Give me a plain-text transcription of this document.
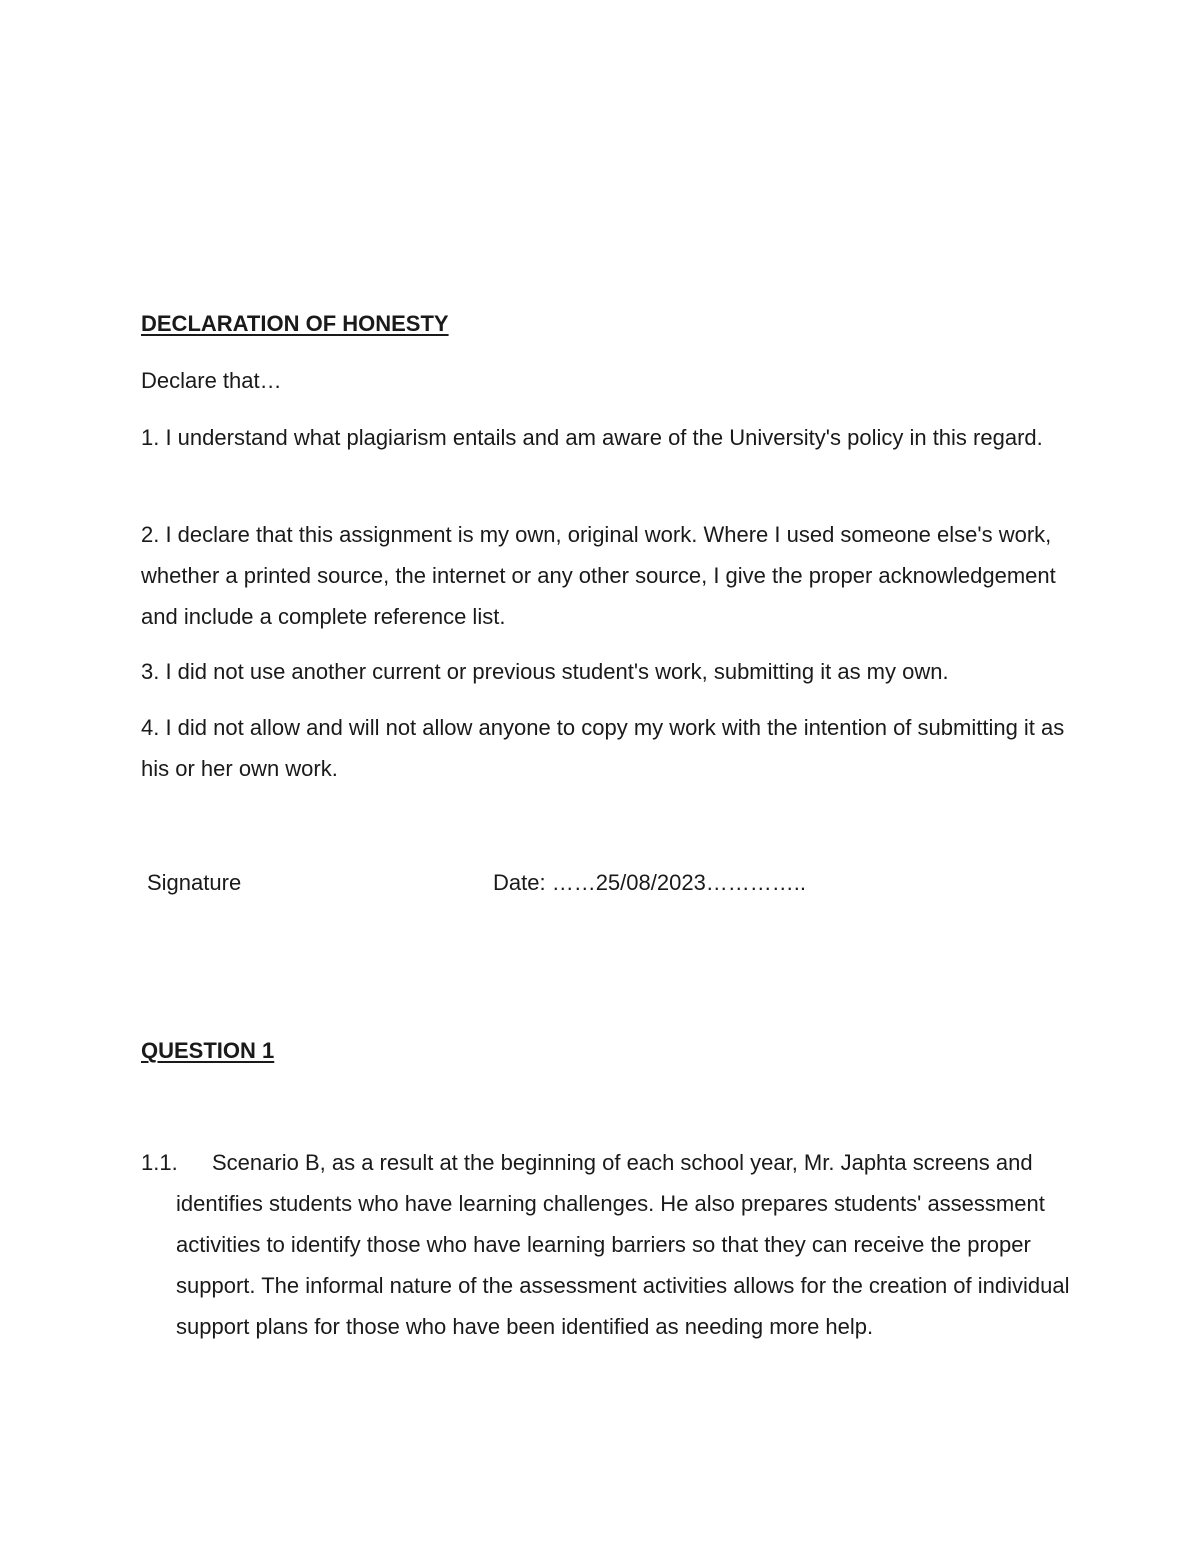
DECLARATION OF HONESTY

Declare that…

1. I understand what plagiarism entails and am aware of the University's policy in this regard.

2. I declare that this assignment is my own, original work. Where I used someone else's work, whether a printed source, the internet or any other source, I give the proper acknowledgement and include a complete reference list.

3. I did not use another current or previous student's work, submitting it as my own.

4. I did not allow and will not allow anyone to copy my work with the intention of submitting it as his or her own work.

Signature	Date: ……25/08/2023…………..

QUESTION 1

1.1.	Scenario B, as a result at the beginning of each school year, Mr. Japhta screens and identifies students who have learning challenges. He also prepares students' assessment activities to identify those who have learning barriers so that they can receive the proper support. The informal nature of the assessment activities allows for the creation of individual support plans for those who have been identified as needing more help.
